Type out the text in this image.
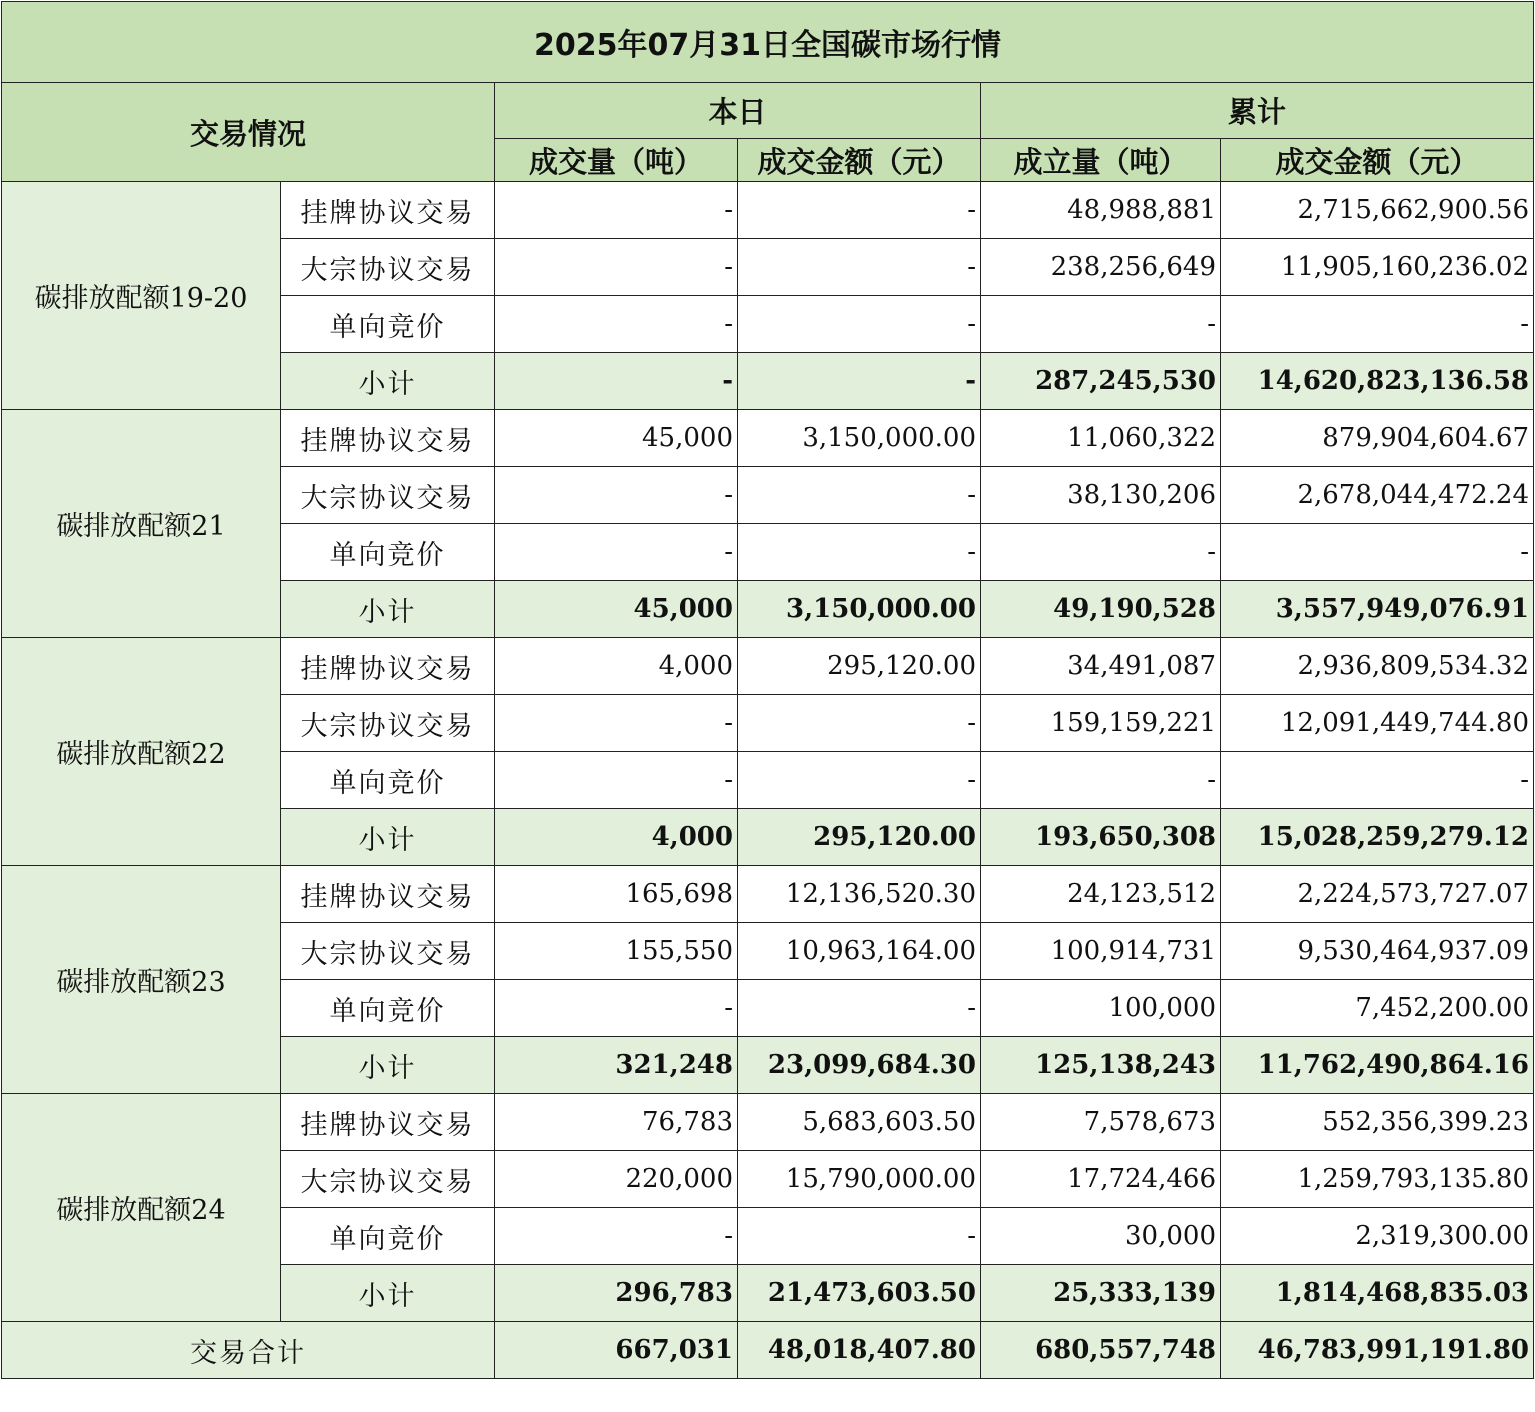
2025年07月31日全国碳市场行情					
交易情况		本日		累计	
		成交量（吨）	成交金额（元）	成立量（吨）	成交金额（元）
碳排放配额19-20	挂牌协议交易	-	-	48,988,881	2,715,662,900.56
	大宗协议交易	-	-	238,256,649	11,905,160,236.02
	单向竞价	-	-	-	-
	小计	-	-	287,245,530	14,620,823,136.58
碳排放配额21	挂牌协议交易	45,000	3,150,000.00	11,060,322	879,904,604.67
	大宗协议交易	-	-	38,130,206	2,678,044,472.24
	单向竞价	-	-	-	-
	小计	45,000	3,150,000.00	49,190,528	3,557,949,076.91
碳排放配额22	挂牌协议交易	4,000	295,120.00	34,491,087	2,936,809,534.32
	大宗协议交易	-	-	159,159,221	12,091,449,744.80
	单向竞价	-	-	-	-
	小计	4,000	295,120.00	193,650,308	15,028,259,279.12
碳排放配额23	挂牌协议交易	165,698	12,136,520.30	24,123,512	2,224,573,727.07
	大宗协议交易	155,550	10,963,164.00	100,914,731	9,530,464,937.09
	单向竞价	-	-	100,000	7,452,200.00
	小计	321,248	23,099,684.30	125,138,243	11,762,490,864.16
碳排放配额24	挂牌协议交易	76,783	5,683,603.50	7,578,673	552,356,399.23
	大宗协议交易	220,000	15,790,000.00	17,724,466	1,259,793,135.80
	单向竞价	-	-	30,000	2,319,300.00
	小计	296,783	21,473,603.50	25,333,139	1,814,468,835.03
交易合计		667,031	48,018,407.80	680,557,748	46,783,991,191.80
